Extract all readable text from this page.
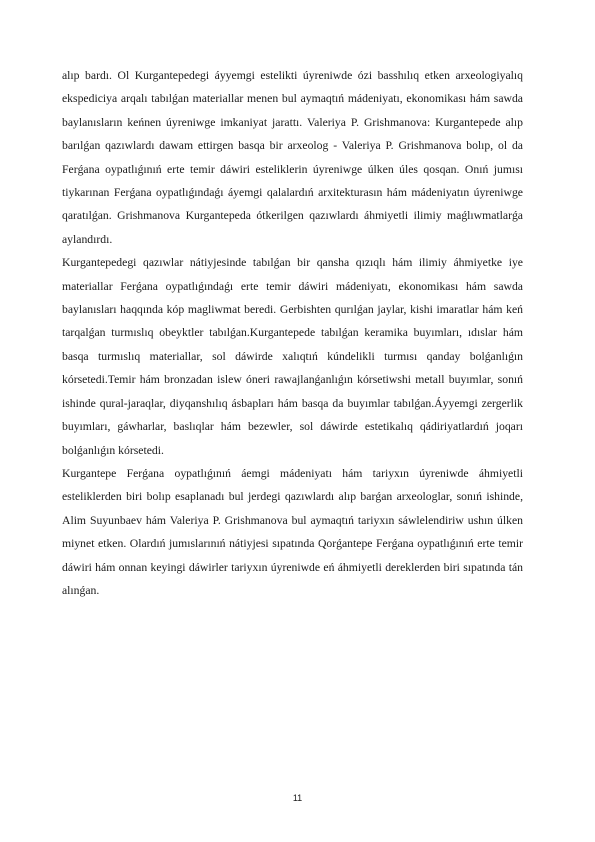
alıp bardı. Ol Kurgantepedegi áyyemgi estelikti úyreniwde ózi basshılıq etken arxeologiyalıq ekspediciya arqalı tabılǵan materiallar menen bul aymaqtıń mádeniyatı, ekonomikası hám sawda baylanısların keńnen úyreniwge imkaniyat jarattı. Valeriya P. Grishmanova: Kurgantepede alıp barılǵan qazıwlardı dawam ettirgen basqa bir arxeolog - Valeriya P. Grishmanova bolıp, ol da Ferǵana oypatlıǵınıń erte temir dáwiri esteliklerin úyreniwge úlken úles qosqan. Onıń jumısı tiykarınan Ferǵana oypatlıǵındaǵı áyemgi qalalardıń arxitekturasın hám mádeniyatın úyreniwge qaratılǵan. Grishmanova Kurgantepeda ótkerilgen qazıwlardı áhmiyetli ilimiy maǵlıwmatlarǵa aylandırdı.

Kurgantepedegi qazıwlar nátiyjesinde tabılǵan bir qansha qızıqlı hám ilimiy áhmiyetke iye materiallar Ferǵana oypatlıǵındaǵı erte temir dáwiri mádeniyatı, ekonomikası hám sawda baylanısları haqqında kóp magliwmat beredi. Gerbishten qurılǵan jaylar, kishi imaratlar hám keń tarqalǵan turmıslıq obeyktler tabılǵan.Kurgantepede tabılǵan keramika buyımları, ıdıslar hám basqa turmıslıq materiallar, sol dáwirde xalıqtıń kúndelikli turmısı qanday bolǵanlıǵın kórsetedi.Temir hám bronzadan islew óneri rawajlanǵanlıǵın kórsetiwshi metall buyımlar, sonıń ishinde qural-jaraqlar, diyqanshılıq ásbapları hám basqa da buyımlar tabılǵan.Áyyemgi zergerlik buyımları, gáwharlar, baslıqlar hám bezewler, sol dáwirde estetikalıq qádiriyatlardıń joqarı bolǵanlıǵın kórsetedi.

Kurgantepe Ferǵana oypatlıǵınıń áemgi mádeniyatı hám tariyxın úyreniwde áhmiyetli esteliklerden biri bolıp esaplanadı bul jerdegi qazıwlardı alıp barǵan arxeologlar, sonıń ishinde, Alim Suyunbaev hám Valeriya P. Grishmanova bul aymaqtıń tariyxın sáwlelendiriw ushın úlken miynet etken. Olardıń jumıslarınıń nátiyjesi sıpatında Qorǵantepe Ferǵana oypatlıǵınıń erte temir dáwiri hám onnan keyingi dáwirler tariyxın úyreniwde eń áhmiyetli dereklerden biri sıpatında tán alınǵan.

11
